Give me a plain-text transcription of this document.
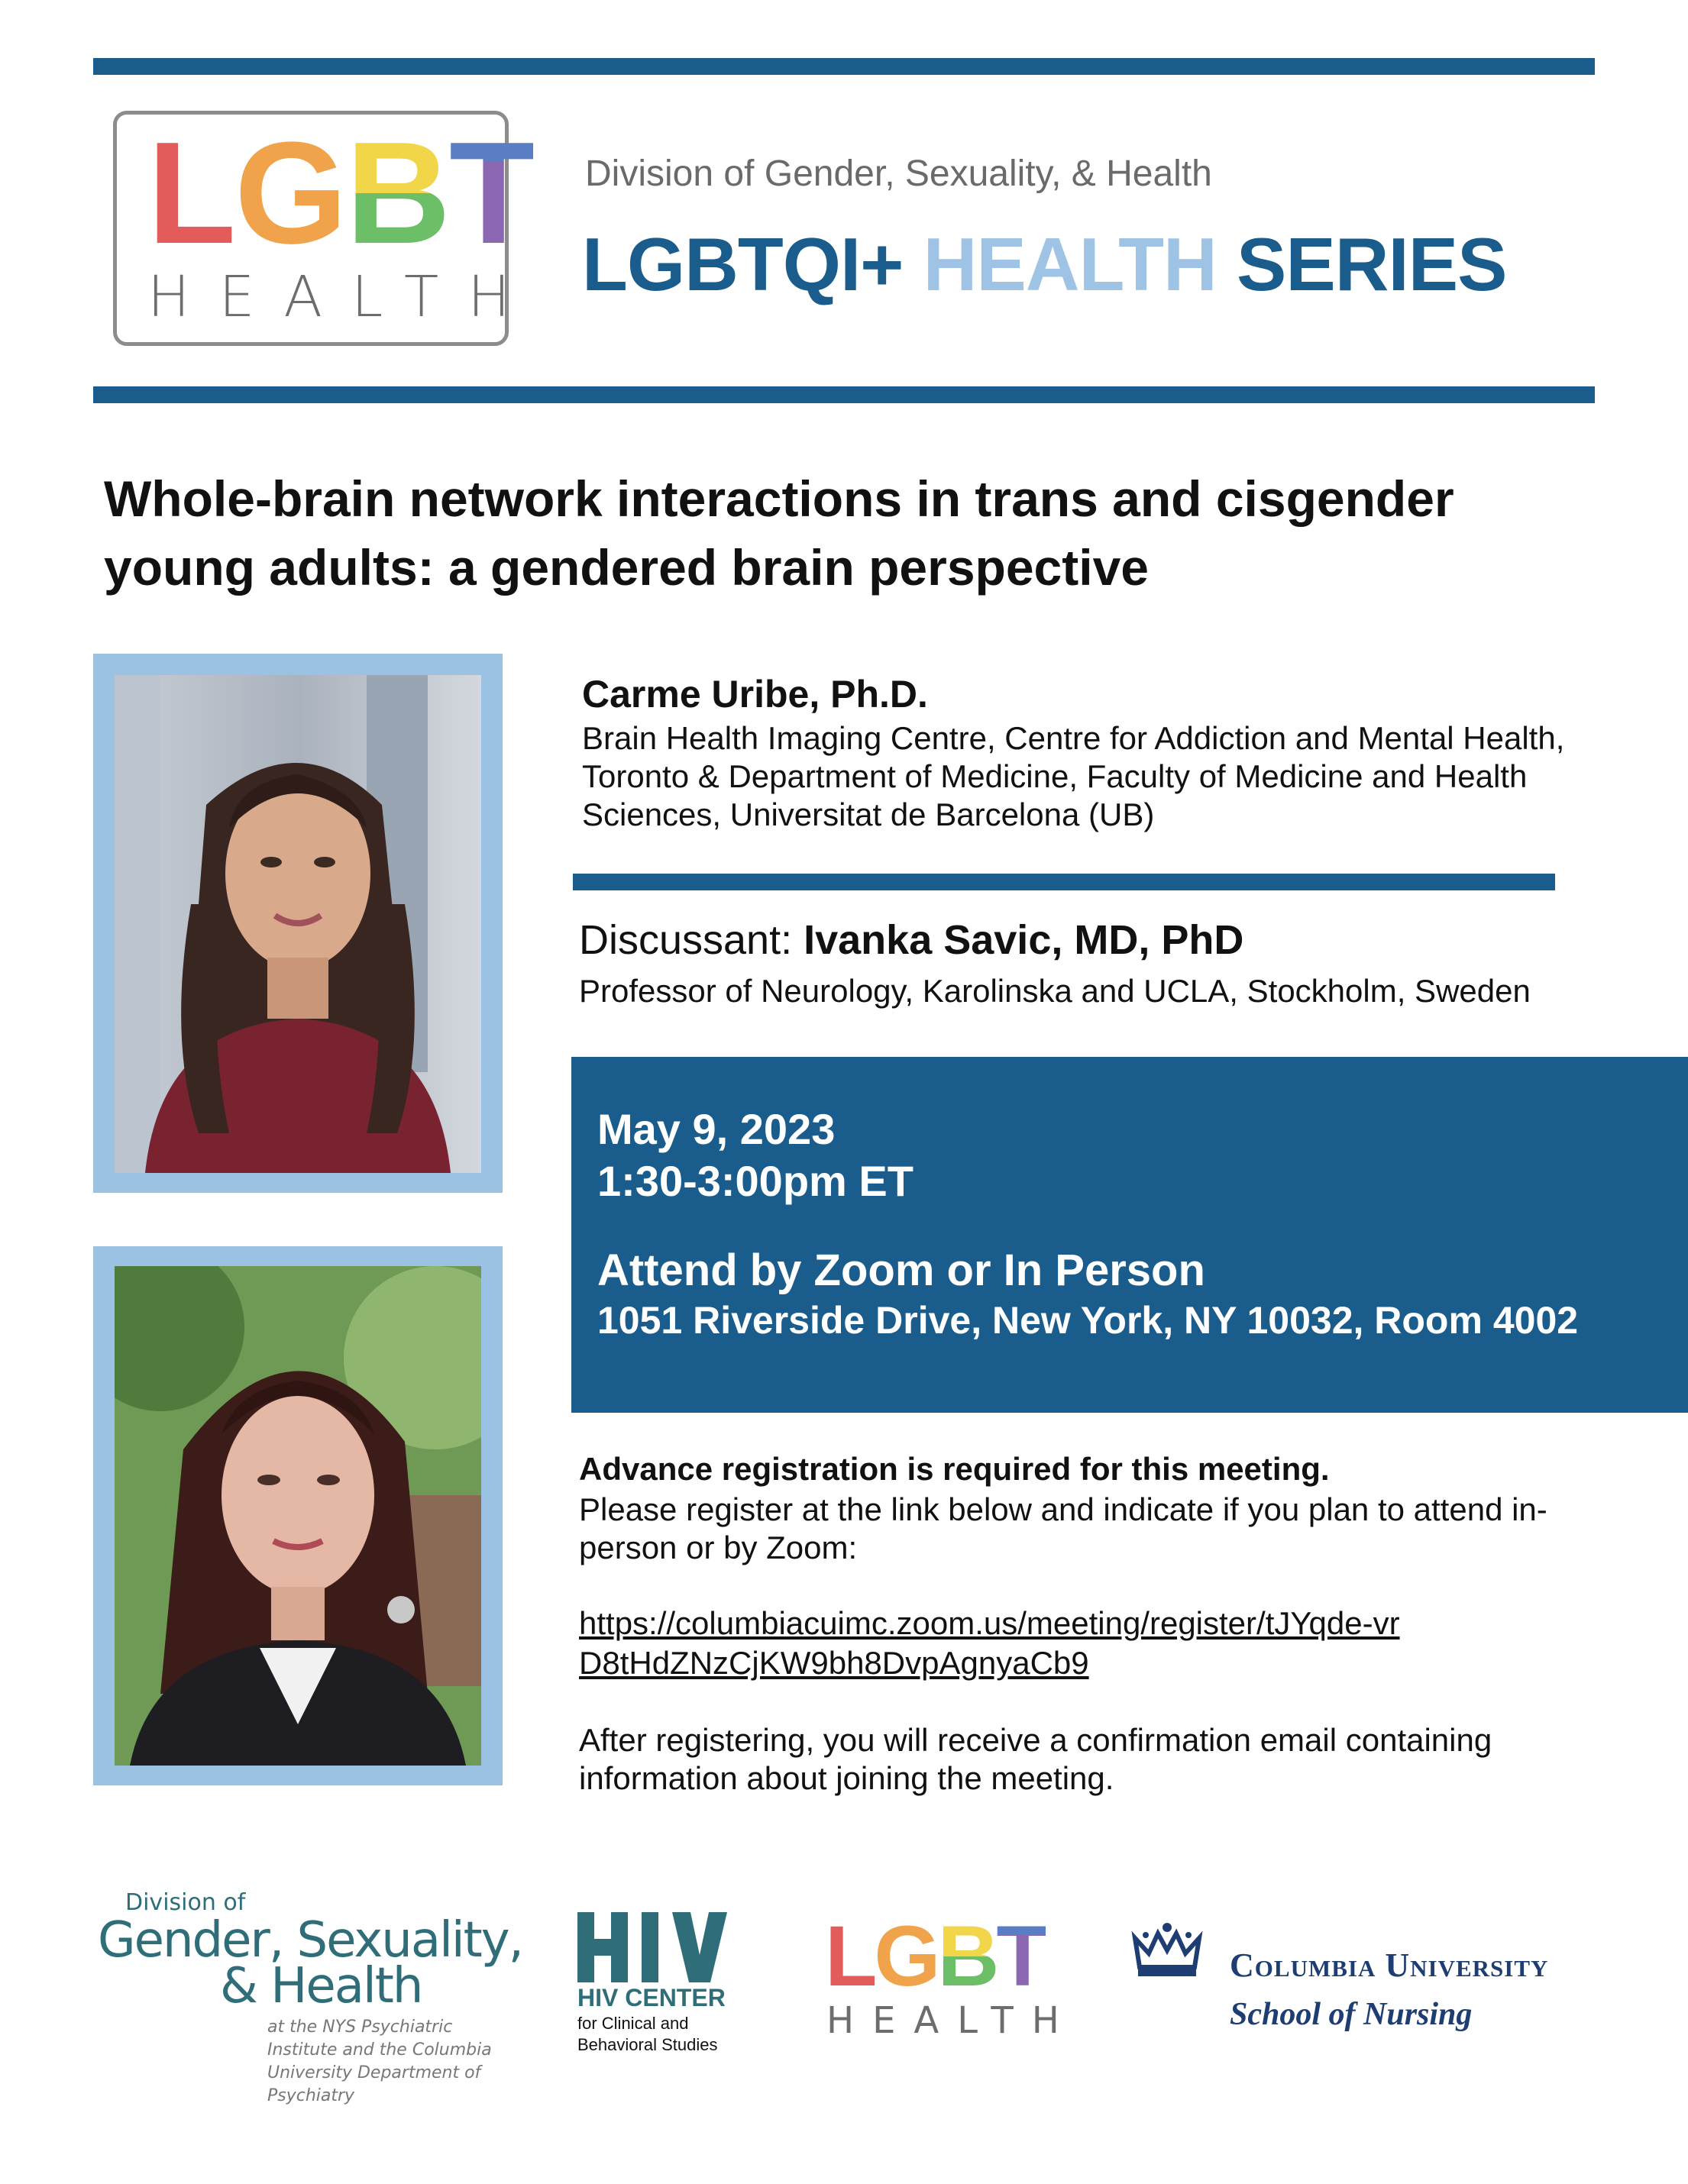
L G B T
HEALTH
Division of Gender, Sexuality, & Health
LGBTQI+ HEALTH SERIES
Whole-brain network interactions in trans and cisgender young adults: a gendered brain perspective
Carme Uribe, Ph.D.
Brain Health Imaging Centre, Centre for Addiction and Mental Health, Toronto & Department of Medicine, Faculty of Medicine and Health Sciences, Universitat de Barcelona (UB)
Discussant: Ivanka Savic, MD, PhD
Professor of Neurology, Karolinska and UCLA, Stockholm, Sweden
May 9, 2023
1:30-3:00pm ET
Attend by Zoom or In Person
1051 Riverside Drive, New York, NY 10032, Room 4002
Advance registration is required for this meeting.
Please register at the link below and indicate if you plan to attend in-person or by Zoom:
https://columbiacuimc.zoom.us/meeting/register/tJYqde-vrD8tHdZNzCjKW9bh8DvpAgnyaCb9
After registering, you will receive a confirmation email containing information about joining the meeting.
Division of
Gender, Sexuality,
& Health
at the NYS Psychiatric Institute and the Columbia University Department of Psychiatry
HIV CENTER
for Clinical and Behavioral Studies
L G B T
HEALTH
Columbia University
School of Nursing
